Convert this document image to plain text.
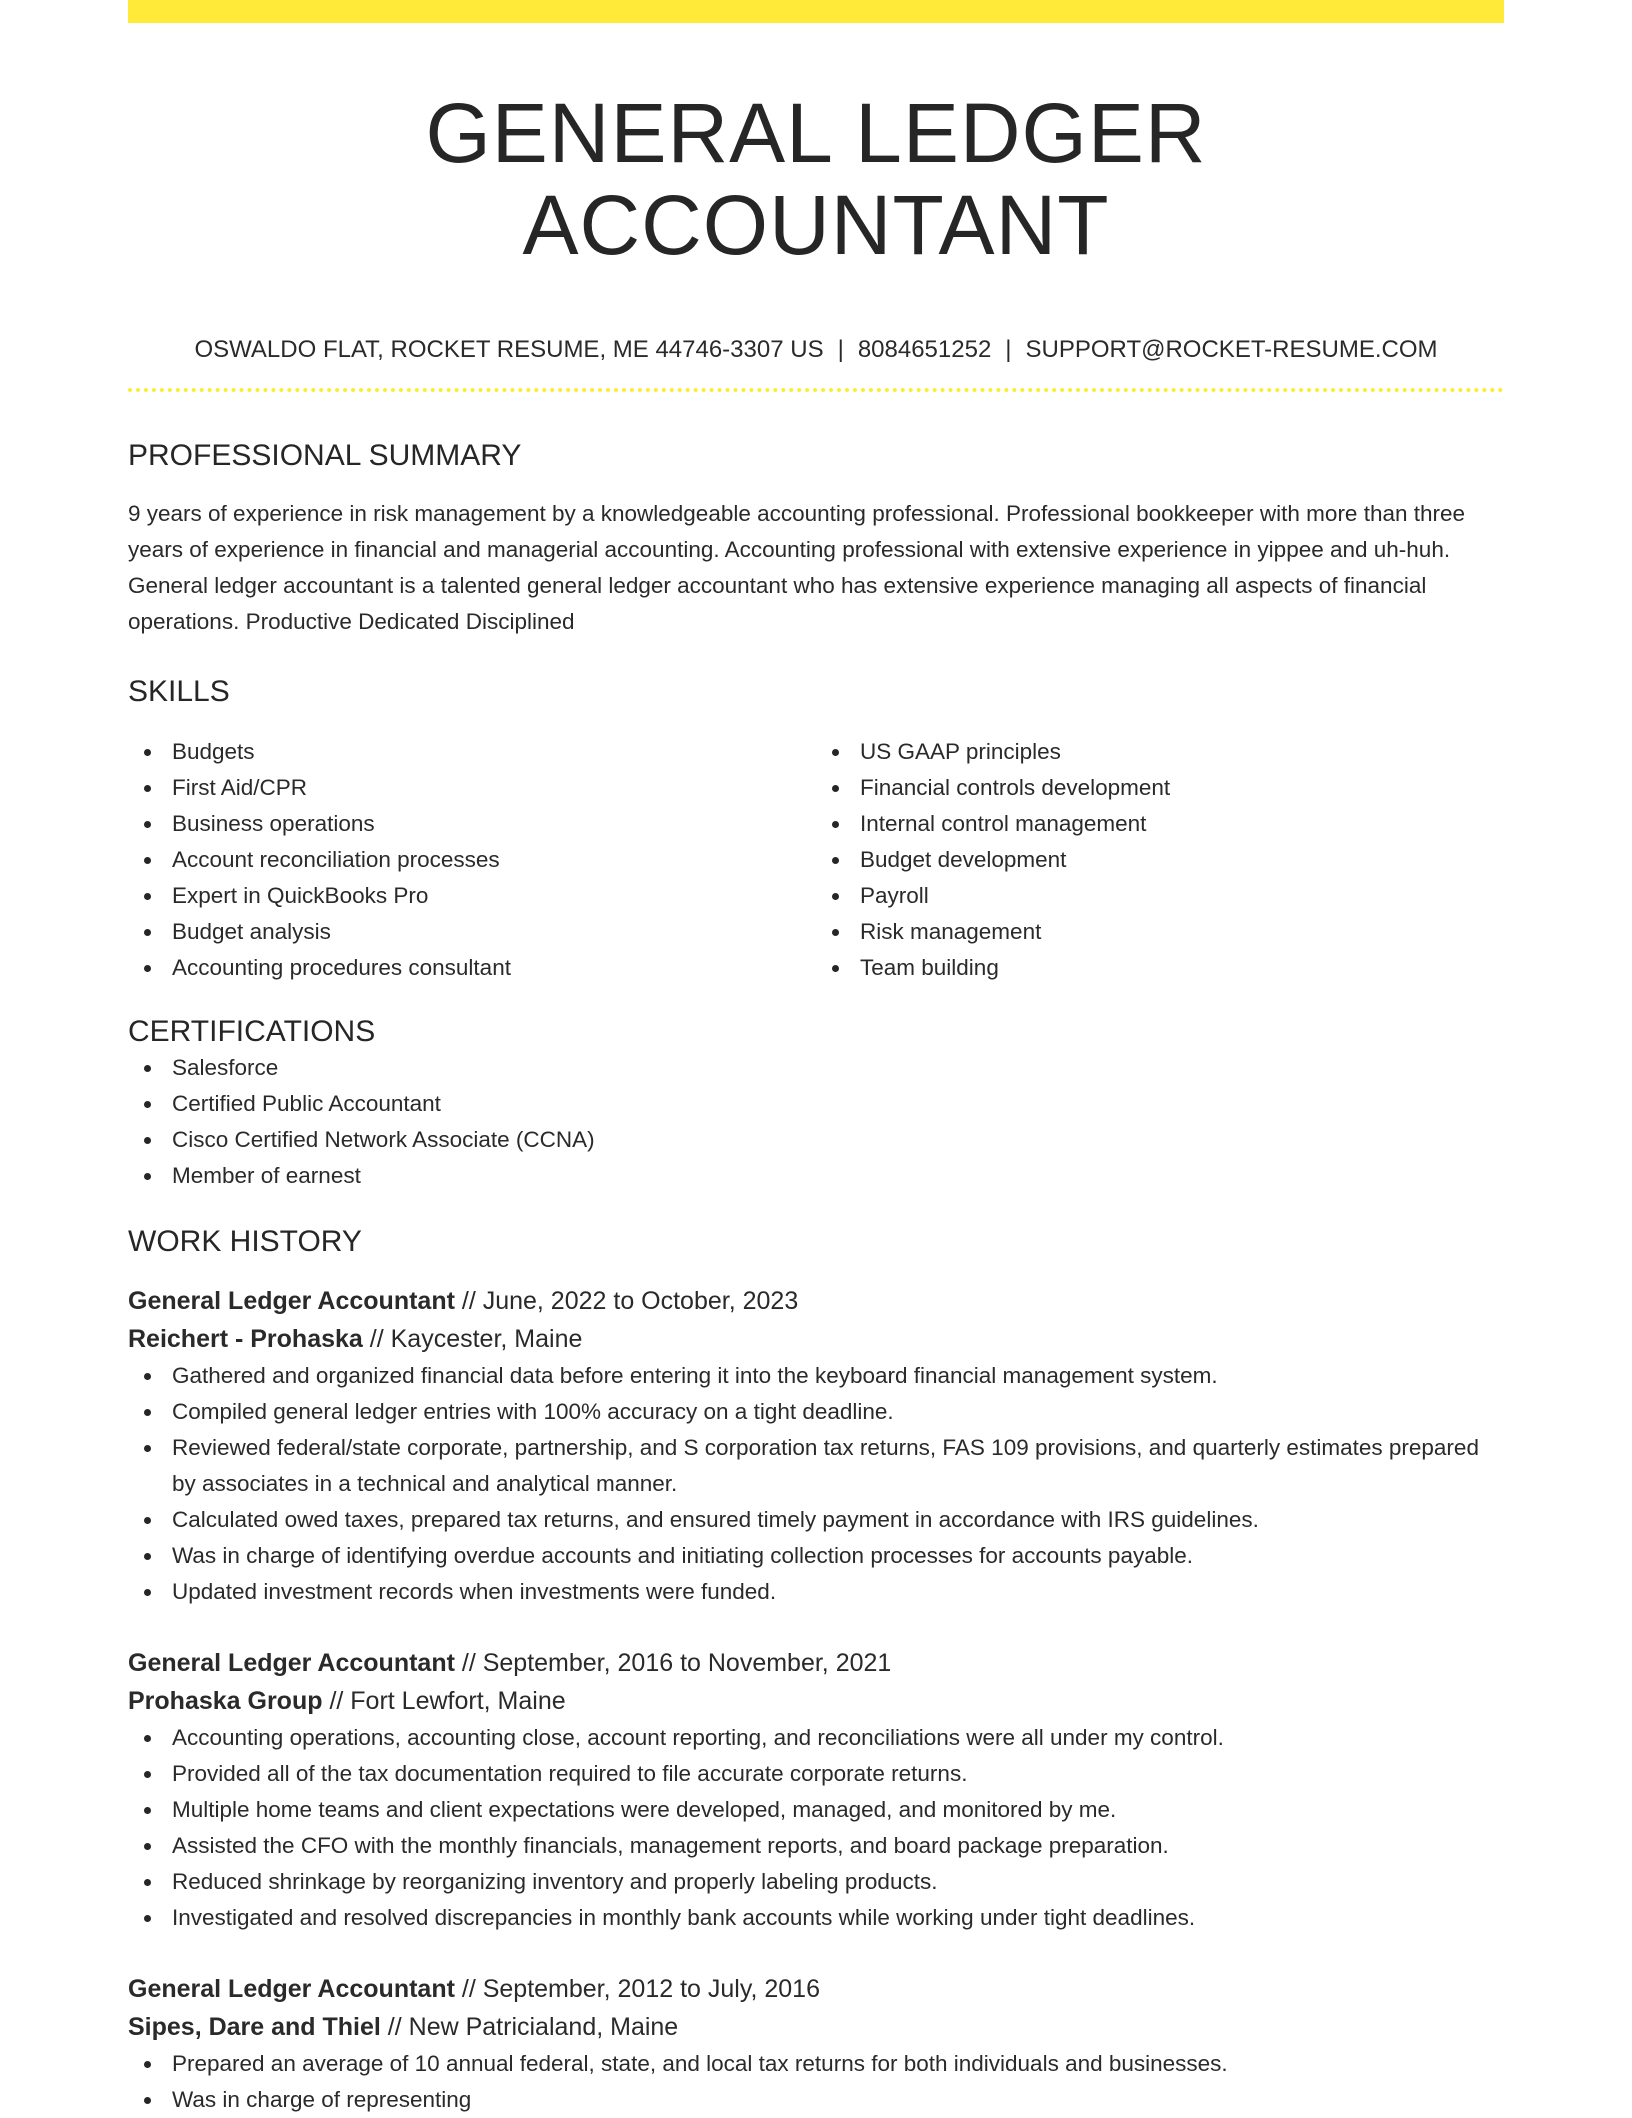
GENERAL LEDGER ACCOUNTANT
OSWALDO FLAT, ROCKET RESUME, ME 44746-3307 US | 8084651252 | SUPPORT@ROCKET-RESUME.COM
PROFESSIONAL SUMMARY

9 years of experience in risk management by a knowledgeable accounting professional. Professional bookkeeper with more than three years of experience in financial and managerial accounting. Accounting professional with extensive experience in yippee and uh-huh. General ledger accountant is a talented general ledger accountant who has extensive experience managing all aspects of financial operations. Productive Dedicated Disciplined

SKILLS
Budgets
First Aid/CPR
Business operations
Account reconciliation processes
Expert in QuickBooks Pro
Budget analysis
Accounting procedures consultant
US GAAP principles
Financial controls development
Internal control management
Budget development
Payroll
Risk management
Team building
CERTIFICATIONS
Salesforce
Certified Public Accountant
Cisco Certified Network Associate (CCNA)
Member of earnest
WORK HISTORY
General Ledger Accountant // June, 2022 to October, 2023
Reichert - Prohaska // Kaycester, Maine
Gathered and organized financial data before entering it into the keyboard financial management system.
Compiled general ledger entries with 100% accuracy on a tight deadline.
Reviewed federal/state corporate, partnership, and S corporation tax returns, FAS 109 provisions, and quarterly estimates prepared by associates in a technical and analytical manner.
Calculated owed taxes, prepared tax returns, and ensured timely payment in accordance with IRS guidelines.
Was in charge of identifying overdue accounts and initiating collection processes for accounts payable.
Updated investment records when investments were funded.
General Ledger Accountant // September, 2016 to November, 2021
Prohaska Group // Fort Lewfort, Maine
Accounting operations, accounting close, account reporting, and reconciliations were all under my control.
Provided all of the tax documentation required to file accurate corporate returns.
Multiple home teams and client expectations were developed, managed, and monitored by me.
Assisted the CFO with the monthly financials, management reports, and board package preparation.
Reduced shrinkage by reorganizing inventory and properly labeling products.
Investigated and resolved discrepancies in monthly bank accounts while working under tight deadlines.
General Ledger Accountant // September, 2012 to July, 2016
Sipes, Dare and Thiel // New Patricialand, Maine
Prepared an average of 10 annual federal, state, and local tax returns for both individuals and businesses.
Was in charge of representing
